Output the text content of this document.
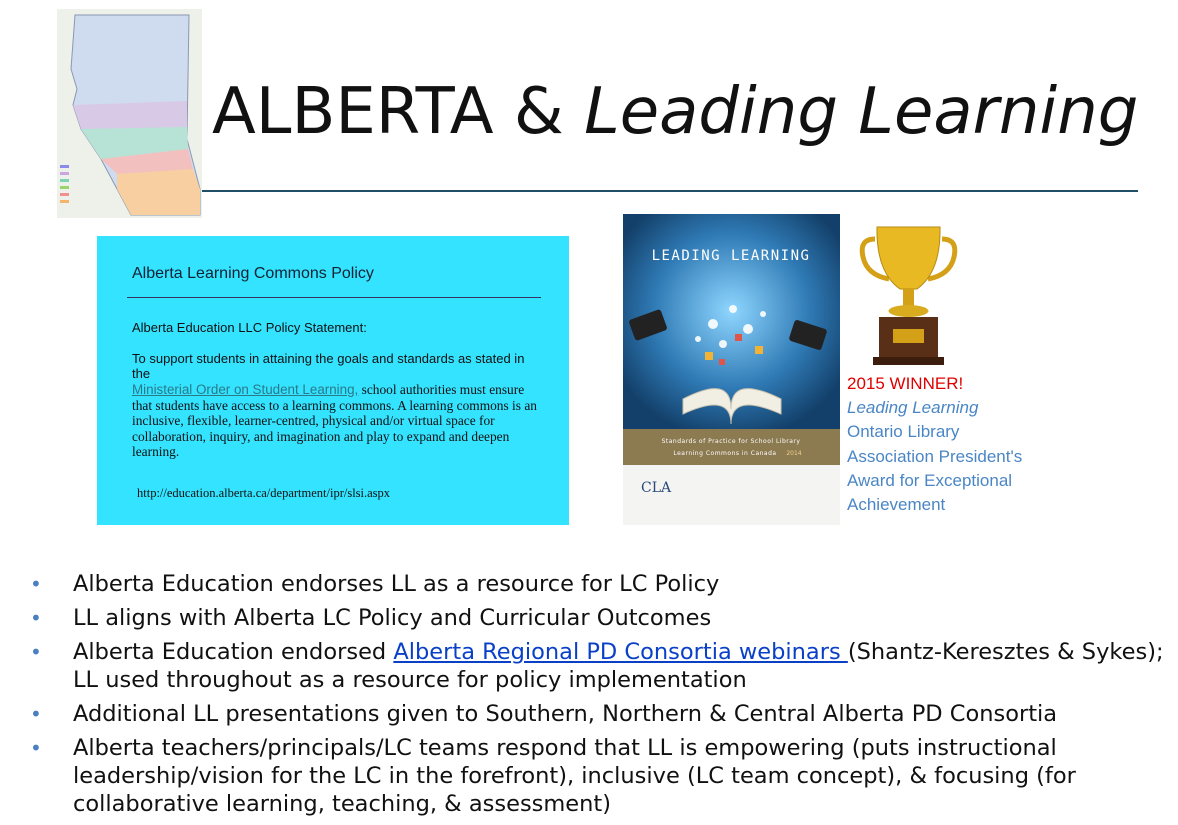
ALBERTA & Leading Learning
Alberta Learning Commons Policy
Alberta Education LLC Policy Statement:
To support students in attaining the goals and standards as stated in the
Ministerial Order on Student Learning, school authorities must ensure that students have access to a learning commons. A learning commons is an inclusive, flexible, learner-centred, physical and/or virtual space for collaboration, inquiry, and imagination and play to expand and deepen learning.
http://education.alberta.ca/department/ipr/slsi.aspx
LEADING LEARNING
Standards of Practice for School Library
Learning Commons in Canada 2014
CLA
2015 WINNER!
Leading Learning
Ontario Library
Association President's
Award for Exceptional
Achievement
• Alberta Education endorses LL as a resource for LC Policy
• LL aligns with Alberta LC Policy and Curricular Outcomes
• Alberta Education endorsed Alberta Regional PD Consortia webinars (Shantz-Keresztes & Sykes); LL used throughout as a resource for policy implementation
• Additional LL presentations given to Southern, Northern & Central Alberta PD Consortia
• Alberta teachers/principals/LC teams respond that LL is empowering (puts instructional leadership/vision for the LC in the forefront), inclusive (LC team concept), & focusing (for collaborative learning, teaching, & assessment)
